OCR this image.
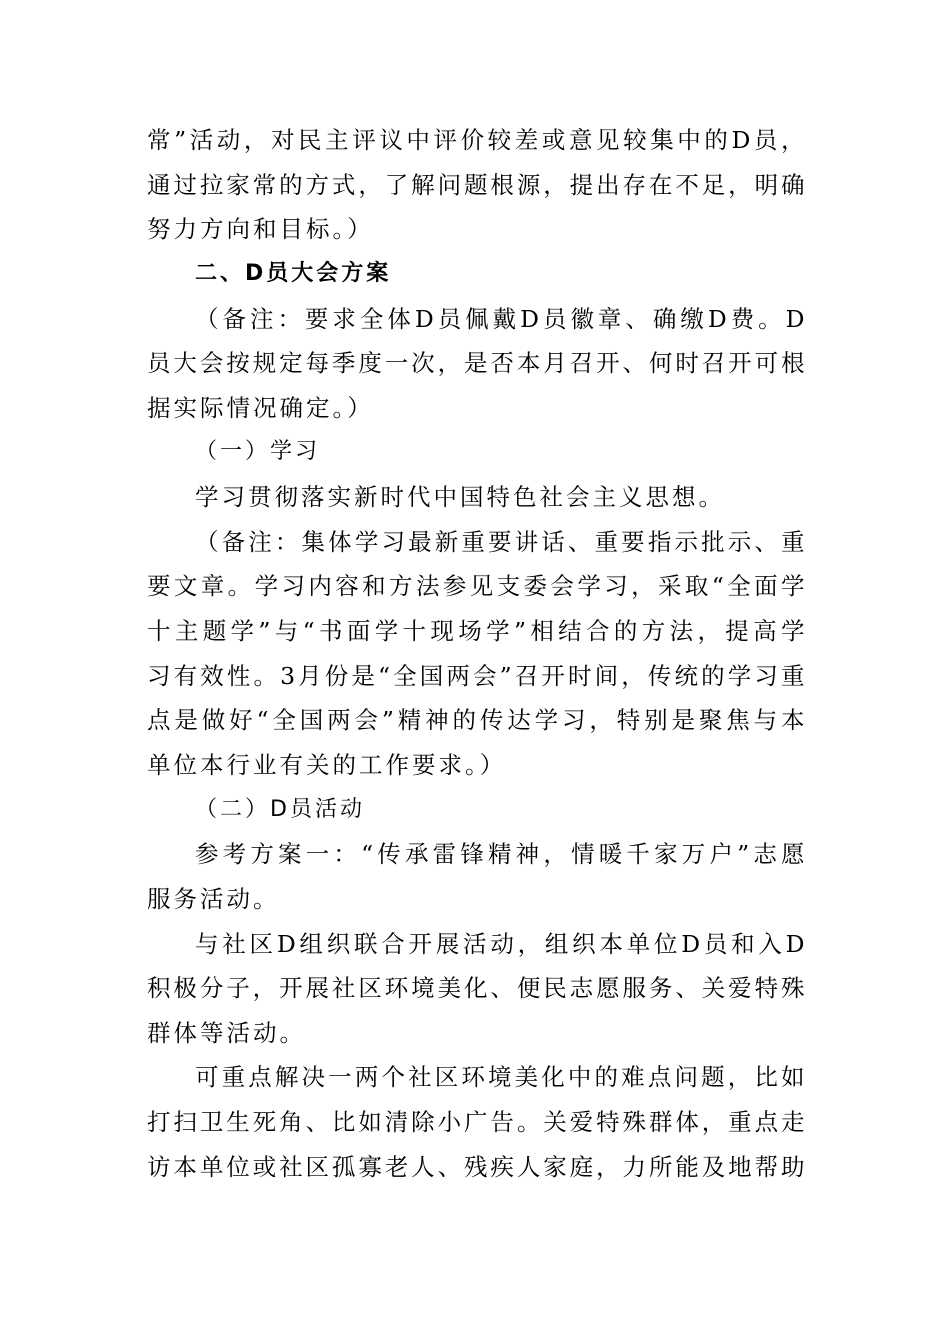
常”活动，对民主评议中评价较差或意见较集中的D员，
通过拉家常的方式，了解问题根源，提出存在不足，明确
努力方向和目标。）
二、D员大会方案
（备注：要求全体D员佩戴D员徽章、确缴D费。D
员大会按规定每季度一次，是否本月召开、何时召开可根
据实际情况确定。）
（一）学习
学习贯彻落实新时代中国特色社会主义思想。
（备注：集体学习最新重要讲话、重要指示批示、重
要文章。学习内容和方法参见支委会学习，采取“全面学
十主题学”与“书面学十现场学”相结合的方法，提高学
习有效性。3月份是“全国两会”召开时间，传统的学习重
点是做好“全国两会”精神的传达学习，特别是聚焦与本
单位本行业有关的工作要求。）
（二）D员活动
参考方案一：“传承雷锋精神，情暖千家万户”志愿
服务活动。
与社区D组织联合开展活动，组织本单位D员和入D
积极分子，开展社区环境美化、便民志愿服务、关爱特殊
群体等活动。
可重点解决一两个社区环境美化中的难点问题，比如
打扫卫生死角、比如清除小广告。关爱特殊群体，重点走
访本单位或社区孤寡老人、残疾人家庭，力所能及地帮助
